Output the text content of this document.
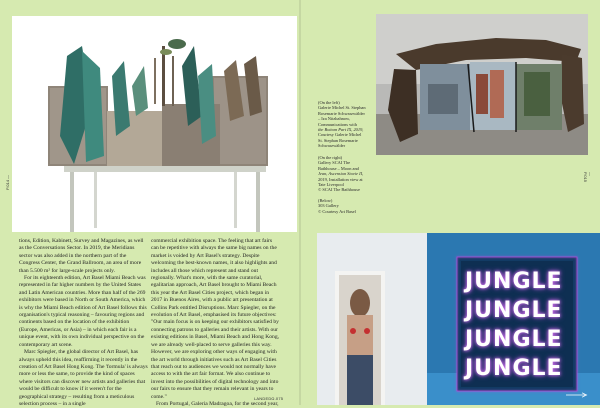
P.014 —

tions, Edition, Kabinett, Survey and Magazines, as well as the Conversations Sector. In 2019, the Meridians sector was also added in the northern part of the Congress Center, the Grand Ballroom, an area of more than 5.500 m² for large-scale projects only.

For its eighteenth edition, Art Basel Miami Beach was represented in far higher numbers by the United States and Latin American countries. More than half of the 269 exhibitors were based in North or South America, which is why the Miami Beach edition of Art Basel follows this organisation's typical reasoning – favouring regions and continents based on the location of the exhibition (Europe, Americas, or Asia) – in which each fair is a unique event, with its own individual perspective on the contemporary art scene.

Marc Spiegler, the global director of Art Basel, has always upheld this idea, reaffirming it recently in the creation of Art Basel Hong Kong. The 'formula' is always more or less the same, to provide the kind of spaces where visitors can discover new artists and galleries that would be difficult to know if it weren't for the geographical strategy – resulting from a meticulous selection process – in a single

commercial exhibition space. The feeling that art fairs can be repetitive with always the same big names on the market is voided by Art Basel's strategy. Despite welcoming the best-known names, it also highlights and includes all those which represent and stand out regionally. What's more, with the same curatorial, egalitarian approach, Art Basel brought to Miami Beach this year the Art Basel Cities project, which began in 2017 in Buenos Aires, with a public art presentation at Collins Park entitled Disruptions. Marc Spiegler, on the evolution of Art Basel, emphasised its future objectives: "Our main focus is on keeping our exhibitors satisfied by connecting patrons to galleries and their artists. With our existing editions in Basel, Miami Beach and Hong Kong, we are already well-placed to serve galleries this way. However, we are exploring other ways of engaging with the art world through initiatives such as Art Basel Cities that reach out to audiences we would not normally have access to with the art fair format. We also continue to invest into the possibilities of digital technology and into our fairs to ensure that they remain relevant in years to come."

From Portugal, Galeria Madragoa, for the second year,

LANDEDΩ.075
— P.015
(On the left)
Galerie Michel St. Stephan
Rosemarie Schwarzwälder
– Iza Nitzbahnow,
Communications with
the Bottom Part IX, 2019,
Courtesy Galerie Michel
St. Stephan Rosemarie
Schwarzwälder
(On the right)
Gallery SCAI The
Bathhouse – Moon and
Jean, Ascension Stovie II,
2019, Installation view at
Tate Liverpool
© SCAI The Bathhouse
(Below)
303 Gallery
© Courtesy Art Basel
JUNGLE
JUNGLE
JUNGLE
JUNGLE
